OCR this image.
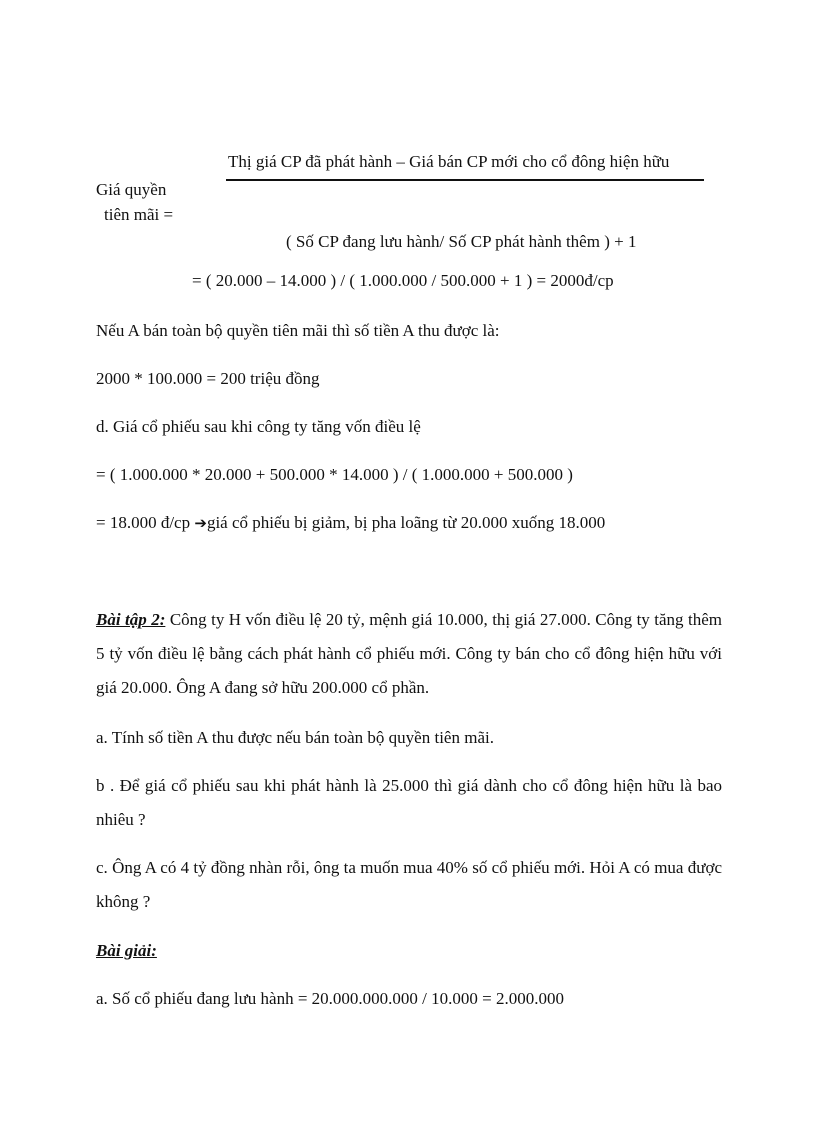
Thị giá CP đã phát hành – Giá bán CP mới cho cổ đông hiện hữu
Giá quyền
tiên mãi =
( Số CP đang lưu hành/ Số CP phát hành thêm ) + 1
= ( 20.000 – 14.000 ) / ( 1.000.000 / 500.000 + 1 ) = 2000đ/cp
Nếu A bán toàn bộ quyền tiên mãi thì số tiền A thu được là:
2000 * 100.000 = 200 triệu đồng
d. Giá cổ phiếu sau khi công ty tăng vốn điều lệ
= ( 1.000.000 * 20.000 + 500.000 * 14.000 ) / ( 1.000.000 + 500.000 )
= 18.000 đ/cp ➔giá cổ phiếu bị giảm, bị pha loãng từ 20.000 xuống 18.000
Bài tập 2: Công ty H vốn điều lệ 20 tỷ, mệnh giá 10.000, thị giá 27.000. Công ty tăng thêm 5 tỷ vốn điều lệ bằng cách phát hành cổ phiếu mới. Công ty bán cho cổ đông hiện hữu với giá 20.000. Ông A đang sở hữu 200.000 cổ phần.
a. Tính số tiền A thu được nếu bán toàn bộ quyền tiên mãi.
b . Để giá cổ phiếu sau khi phát hành là 25.000 thì giá dành cho cổ đông hiện hữu là bao nhiêu ?
c. Ông A có 4 tỷ đồng nhàn rỗi, ông ta muốn mua 40% số cổ phiếu mới. Hỏi A có mua được không ?
Bài giải:
a. Số cổ phiếu đang lưu hành = 20.000.000.000 / 10.000 = 2.000.000
